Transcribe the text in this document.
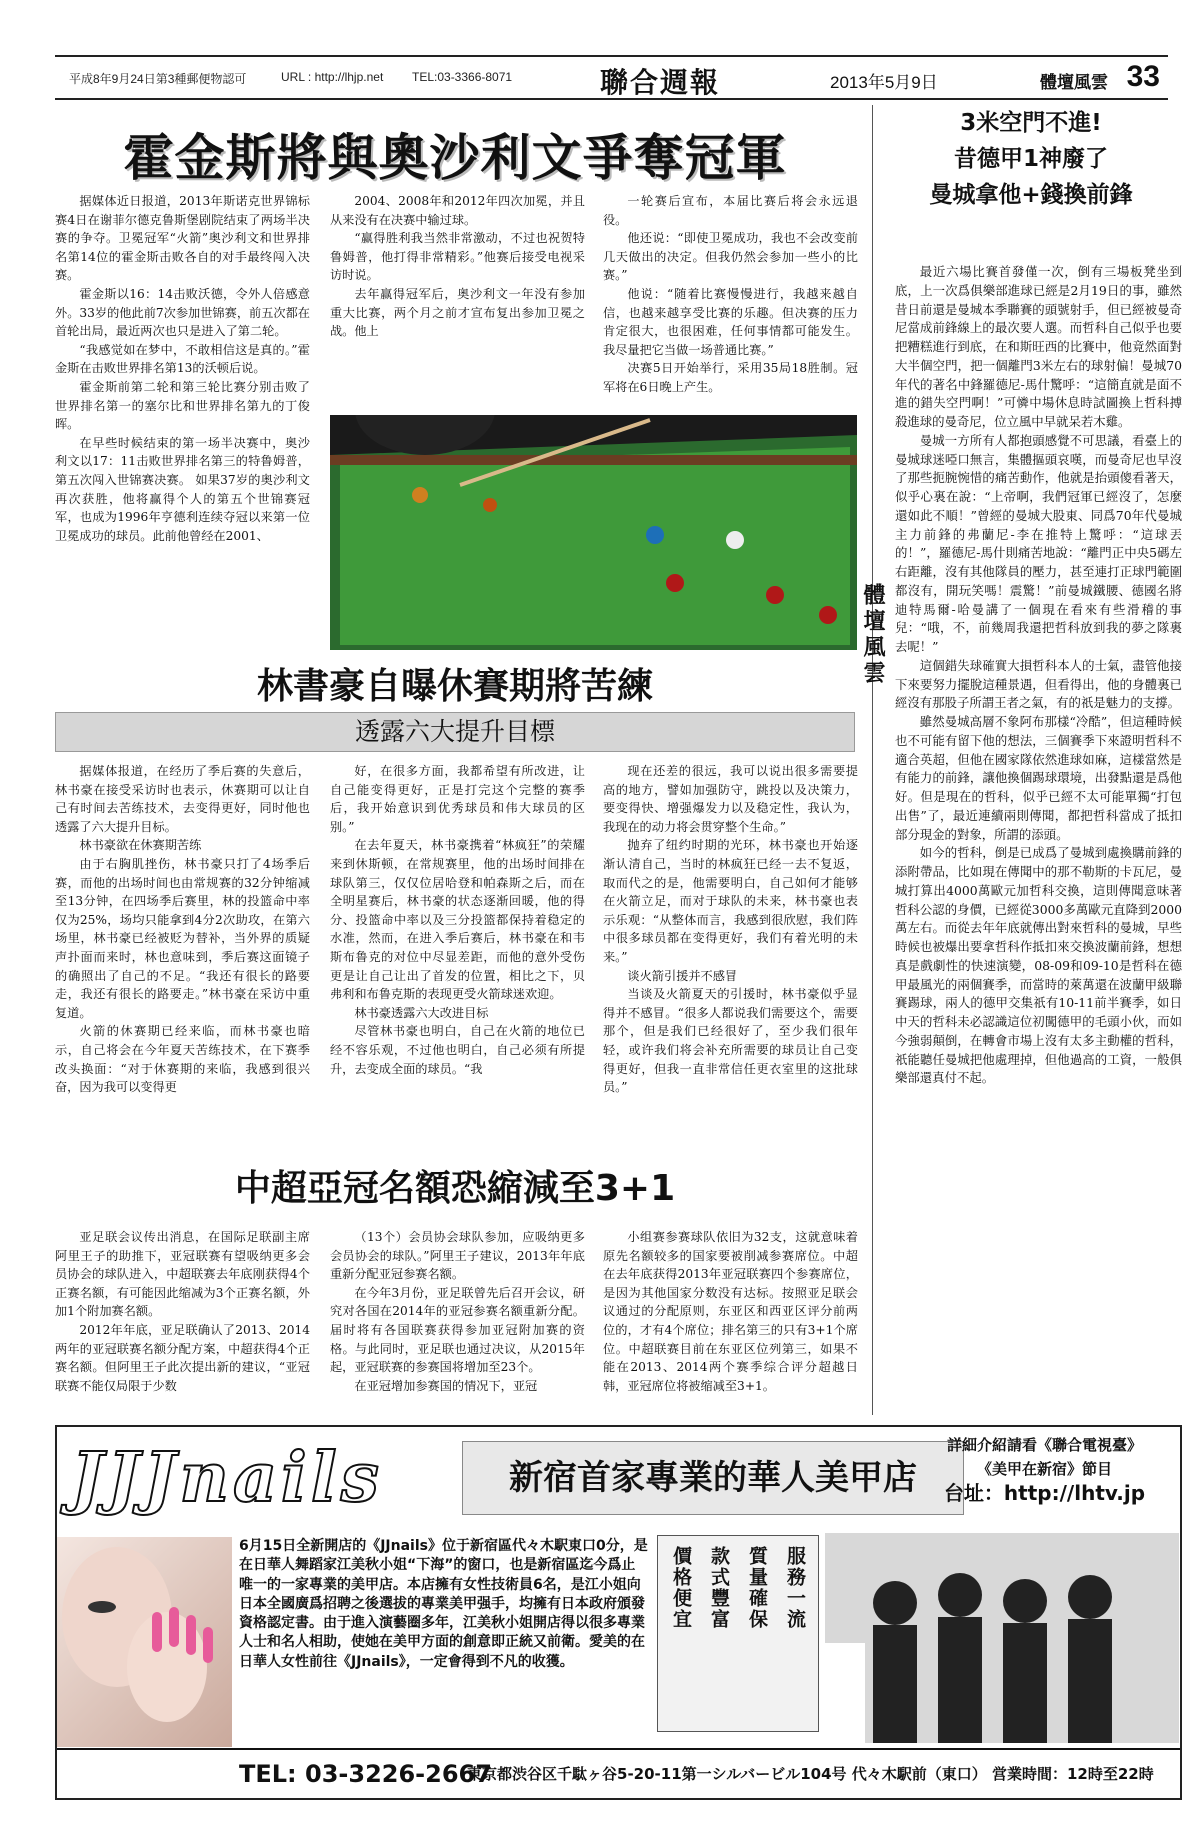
平成8年9月24日第3種郵便物認可	URL : http://lhjp.net TEL:03-3366-8071	聯合週報	2013年5月9日	體壇風雲 33
霍金斯將與奧沙利文爭奪冠軍

据媒体近日报道，2013年斯诺克世界锦标赛4日在谢菲尔德克鲁斯堡剧院结束了两场半决赛的争夺。卫冕冠军“火箭”奥沙利文和世界排名第14位的霍金斯击败各自的对手最终闯入决赛。

霍金斯以16：14击败沃德，令外人倍感意外。33岁的他此前7次参加世锦赛，前五次都在首轮出局，最近两次也只是进入了第二轮。

“我感觉如在梦中，不敢相信这是真的。”霍金斯在击败世界排名第13的沃顿后说。

霍金斯前第二轮和第三轮比赛分别击败了世界排名第一的塞尔比和世界排名第九的丁俊晖。

在早些时候结束的第一场半决赛中，奥沙利文以17：11击败世界排名第三的特鲁姆普，第五次闯入世锦赛决赛。 如果37岁的奥沙利文再次获胜，他将赢得个人的第五个世锦赛冠军，也成为1996年亨德利连续夺冠以来第一位卫冕成功的球员。此前他曾经在2001、

2004、2008年和2012年四次加冕，并且从来没有在决赛中输过球。

“赢得胜利我当然非常激动，不过也祝贺特鲁姆普，他打得非常精彩。”他赛后接受电视采访时说。

去年赢得冠军后，奥沙利文一年没有参加重大比赛，两个月之前才宣布复出参加卫冕之战。他上

一轮赛后宣布，本届比赛后将会永远退役。

他还说：“即使卫冕成功，我也不会改变前几天做出的决定。但我仍然会参加一些小的比赛。”

他说：“随着比赛慢慢进行，我越来越自信，也越来越享受比赛的乐趣。但决赛的压力肯定很大，也很困难，任何事情都可能发生。我尽量把它当做一场普通比赛。”

决赛5日开始举行，采用35局18胜制。冠军将在6日晚上产生。

林書豪自曝休賽期將苦練
透露六大提升目標

据媒体报道，在经历了季后赛的失意后，林书豪在接受采访时也表示，休赛期可以让自己有时间去苦练技术，去变得更好，同时他也透露了六大提升目标。

林书豪欲在休赛期苦练

由于右胸肌挫伤，林书豪只打了4场季后赛，而他的出场时间也由常规赛的32分钟缩减至13分钟，在四场季后赛里，林的投篮命中率仅为25%，场均只能拿到4分2次助攻，在第六场里，林书豪已经被贬为替补，当外界的质疑声扑面而来时，林也意味到，季后赛这面镜子的确照出了自己的不足。“我还有很长的路要走，我还有很长的路要走。”林书豪在采访中重复道。

火箭的休赛期已经来临，而林书豪也暗示，自己将会在今年夏天苦练技术，在下赛季改头换面：“对于休赛期的来临，我感到很兴奋，因为我可以变得更

好，在很多方面，我都希望有所改进，让自己能变得更好，正是打完这个完整的赛季后，我开始意识到优秀球员和伟大球员的区别。”

在去年夏天，林书豪携着“林疯狂”的荣耀来到休斯顿，在常规赛里，他的出场时间排在球队第三，仅仅位居哈登和帕森斯之后，而在全明星赛后，林书豪的状态逐渐回暖，他的得分、投篮命中率以及三分投篮都保持着稳定的水准，然而，在进入季后赛后，林书豪在和韦斯布鲁克的对位中尽显差距，而他的意外受伤更是让自己让出了首发的位置，相比之下，贝弗利和布鲁克斯的表现更受火箭球迷欢迎。

林书豪透露六大改进目标

尽管林书豪也明白，自己在火箭的地位已经不容乐观，不过他也明白，自己必须有所提升，去变成全面的球员。“我

现在还差的很远，我可以说出很多需要提高的地方，譬如加强防守，跳投以及决策力，要变得快、增强爆发力以及稳定性，我认为，我现在的动力将会贯穿整个生命。”

抛弃了纽约时期的光环，林书豪也开始逐渐认清自己，当时的林疯狂已经一去不复返，取而代之的是，他需要明白，自己如何才能够在火箭立足，而对于球队的未来，林书豪也表示乐观：“从整体而言，我感到很欣慰，我们阵中很多球员都在变得更好，我们有着光明的未来。”

谈火箭引援并不感冒

当谈及火箭夏天的引援时，林书豪似乎显得并不感冒。“很多人都说我们需要这个，需要那个，但是我们已经很好了，至少我们很年轻，或许我们将会补充所需要的球员让自己变得更好，但我一直非常信任更衣室里的这批球员。”

中超亞冠名額恐縮減至3+1

亚足联会议传出消息，在国际足联副主席阿里王子的助推下，亚冠联赛有望吸纳更多会员协会的球队进入，中超联赛去年底刚获得4个正赛名额，有可能因此缩减为3个正赛名额，外加1个附加赛名额。

2012年年底，亚足联确认了2013、2014两年的亚冠联赛名额分配方案，中超获得4个正赛名额。但阿里王子此次提出新的建议，“亚冠联赛不能仅局限于少数

（13个）会员协会球队参加，应吸纳更多会员协会的球队。”阿里王子建议，2013年年底重新分配亚冠参赛名额。

在今年3月份，亚足联曾先后召开会议，研究对各国在2014年的亚冠参赛名额重新分配。届时将有各国联赛获得参加亚冠附加赛的资格。与此同时，亚足联也通过决议，从2015年起，亚冠联赛的参赛国将增加至23个。

在亚冠增加参赛国的情况下，亚冠

小组赛参赛球队依旧为32支，这就意味着原先名额较多的国家要被削减参赛席位。中超在去年底获得2013年亚冠联赛四个参赛席位，是因为其他国家分数没有达标。按照亚足联会议通过的分配原则，东亚区和西亚区评分前两位的，才有4个席位；排名第三的只有3+1个席位。中超联赛目前在东亚区位列第三，如果不能在2013、2014两个赛季综合评分超越日韩，亚冠席位将被缩减至3+1。

體壇風雲
3米空門不進!
昔德甲1神廢了
曼城拿他+錢換前鋒

最近六場比賽首發僅一次，倒有三場板凳坐到底，上一次爲俱樂部進球已經是2月19日的事，雖然昔日前還是曼城本季聯賽的頭號射手，但已經被曼奇尼當成前鋒線上的最次要人選。而哲科自己似乎也要把糟糕進行到底，在和斯旺西的比賽中，他竟然面對大半個空門，把一個離門3米左右的球射偏！曼城70年代的著名中鋒羅德尼-馬什驚呼：“這簡直就是面不進的錯失空門啊！”可憐中場休息時試圖換上哲科搏殺進球的曼奇尼，位立風中早就呆若木雞。

曼城一方所有人都抱頭感覺不可思議，看臺上的曼城球迷啞口無言，集體摳頭哀嘆，而曼奇尼也早沒了那些扼腕惋惜的痛苦動作，他就是抬頭傻看著天，似乎心裏在說：“上帝啊，我們冠軍已經沒了，怎麼還如此不順！”曾經的曼城大股東、同爲70年代曼城主力前鋒的弗蘭尼-李在推特上驚呼：“這球丟的！”，羅德尼-馬什則痛苦地說：“離門正中央5碼左右距離，沒有其他隊員的壓力，甚至連打正球門範圍都沒有，開玩笑嗎！震驚！”前曼城鐵腰、德國名將迪特馬爾-哈曼講了一個現在看來有些滑稽的事兒：“哦，不，前幾周我還把哲科放到我的夢之隊裏去呢！”

這個錯失球確實大損哲科本人的士氣，盡管他接下來要努力擺脫這種景遇，但看得出，他的身體裏已經沒有那股子所謂王者之氣，有的祇是魅力的支撐。

雖然曼城高層不象阿布那樣“冷酷”，但這種時候也不可能有留下他的想法，三個賽季下來證明哲科不適合英超，但他在國家隊依然進球如麻，這樣當然是有能力的前鋒，讓他換個踢球環境，出發點還是爲他好。但是現在的哲科，似乎已經不太可能單獨“打包出售”了，最近連續兩則傳聞，都把哲科當成了抵扣部分現金的對象，所謂的添頭。

如今的哲科，倒是已成爲了曼城到處換購前鋒的添附帶品，比如現在傳聞中的那不勒斯的卡瓦尼，曼城打算出4000萬歐元加哲科交換，這則傳聞意味著哲科公認的身價，已經從3000多萬歐元直降到2000萬左右。而從去年年底就傳出對來哲科的曼城，早些時候也被爆出要拿哲科作抵扣來交換波蘭前鋒，想想真是戲劇性的快速演變，08-09和09-10是哲科在德甲最風光的兩個賽季，而當時的萊萬還在波蘭甲級聯賽踢球，兩人的德甲交集祇有10-11前半賽季，如日中天的哲科未必認識這位初闖德甲的毛頭小伙，而如今強弱顛倒，在轉會市場上沒有太多主動權的哲科，祇能聽任曼城把他處理掉，但他過高的工資，一般俱樂部還真付不起。

JJJnails	新宿首家專業的華人美甲店
詳細介紹請看《聯合電視臺》
《美甲在新宿》節目
台址：http://lhtv.jp
6月15日全新開店的《JJnails》位于新宿區代々木駅東口0分，是在日華人舞蹈家江美秋小姐“下海”的窗口，也是新宿區迄今爲止唯一的一家專業的美甲店。本店擁有女性技術員6名，是江小姐向日本全國廣爲招聘之後選拔的專業美甲强手，均擁有日本政府頒發資格認定書。由于進入演藝圈多年，江美秋小姐開店得以很多專業人士和名人相助，使她在美甲方面的創意即正統又前衛。愛美的在日華人女性前往《JJnails》，一定會得到不凡的收獲。
服務一流
質量確保
款式豐富
價格便宜
TEL: 03-3226-2667
東京都渋谷区千駄ヶ谷5-20-11第一シルバービル104号 代々木駅前（東口） 営業時間：12時至22時
